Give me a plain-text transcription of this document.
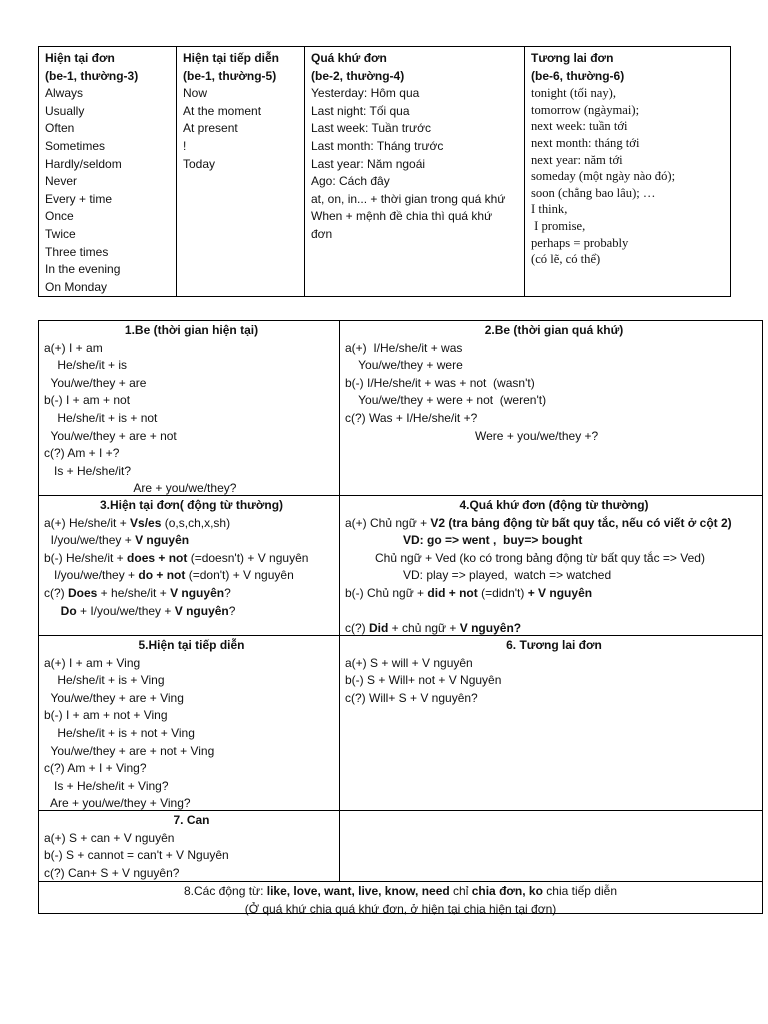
Hiện tại đơn
(be-1, thường-3)
Always
Usually
Often
Sometimes
Hardly/seldom
Never
Every + time
Once
Twice
Three times
In the evening
On Monday

Hiện tại tiếp diễn
(be-1, thường-5)
Now
At the moment
At present
!
Today

Quá khứ đơn
(be-2, thường-4)
Yesterday: Hôm qua
Last night: Tối qua
Last week: Tuần trước
Last month: Tháng trước
Last year: Năm ngoái
Ago: Cách đây
at, on, in... + thời gian trong quá khứ
When + mệnh đề chia thì quá khứ
đơn

Tương lai đơn
(be-6, thường-6)
tonight (tối nay),
tomorrow (ngàymai);
next week: tuần tới
next month: tháng tới
next year: năm tới
someday (một ngày nào đó);
soon (chẳng bao lâu); …
I think,
I promise,
perhaps = probably
(có lẽ, có thể)
1.Be (thời gian hiện tại)
a(+) I + am
He/she/it + is
You/we/they + are
b(-) I + am + not
He/she/it + is + not
You/we/they + are + not
c(?) Am + I +?
Is + He/she/it?
Are + you/we/they?
2.Be (thời gian quá khứ)
a(+)  I/He/she/it + was
You/we/they + were
b(-) I/He/she/it + was + not  (wasn't)
You/we/they + were + not  (weren't)
c(?) Was + I/He/she/it +?
Were + you/we/they +?
3.Hiện tại đơn( động từ thường)
a(+) He/she/it + Vs/es (o,s,ch,x,sh)
I/you/we/they + V nguyên
b(-) He/she/it + does + not (=doesn't) + V nguyên
I/you/we/they + do + not (=don't) + V nguyên
c(?) Does + he/she/it + V nguyên?
Do + I/you/we/they + V nguyên?
4.Quá khứ đơn (động từ thường)
a(+) Chủ ngữ + V2 (tra bảng động từ bất quy tắc, nếu có viết ở cột 2)
VD: go => went ,  buy=> bought
Chủ ngữ + Ved (ko có trong bảng động từ bất quy tắc => Ved)
VD: play => played,  watch => watched
b(-) Chủ ngữ + did + not (=didn't) + V nguyên

c(?) Did + chủ ngữ + V nguyên?
5.Hiện tại tiếp diễn
a(+) I + am + Ving
He/she/it + is + Ving
You/we/they + are + Ving
b(-) I + am + not + Ving
He/she/it + is + not + Ving
You/we/they + are + not + Ving
c(?) Am + I + Ving?
Is + He/she/it + Ving?
Are + you/we/they + Ving?
6. Tương lai đơn
a(+) S + will + V nguyên
b(-) S + Will+ not + V Nguyên
c(?) Will+ S + V nguyên?
7. Can
a(+) S + can + V nguyên
b(-) S + cannot = can't + V Nguyên
c(?) Can+ S + V nguyên?
8.Các động từ: like, love, want, live, know, need chỉ chia đơn, ko chia tiếp diễn
(Ở quá khứ chia quá khứ đơn, ở hiện tại chia hiện tại đơn)
